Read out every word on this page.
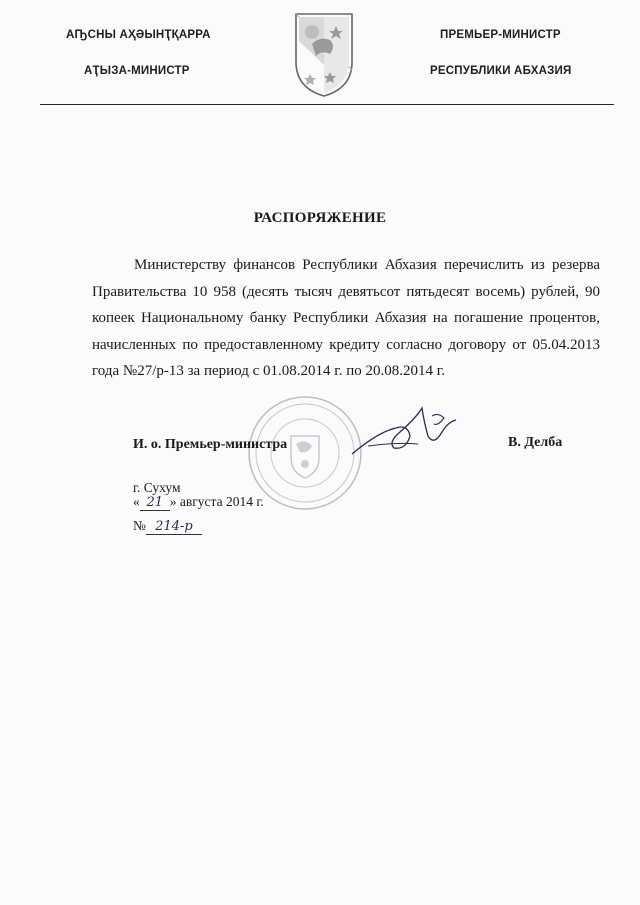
АҦСНЫ АҲӘЫНҬҚАРРА
АҬЫЗА-МИНИСТР
ПРЕМЬЕР-МИНИСТР
РЕСПУБЛИКИ АБХАЗИЯ
РАСПОРЯЖЕНИЕ
Министерству финансов Республики Абхазия перечислить из резерва Правительства 10 958 (десять тысяч девятьсот пятьдесят восемь) рублей, 90 копеек Национальному банку Республики Абхазия на погашение процентов, начисленных по предоставленному кредиту согласно договору от 05.04.2013 года №27/р-13 за период с 01.08.2014 г. по 20.08.2014 г.
И. о. Премьер-министра	В. Делба
г. Сухум
« 21 » августа 2014 г.
№ 214-р
